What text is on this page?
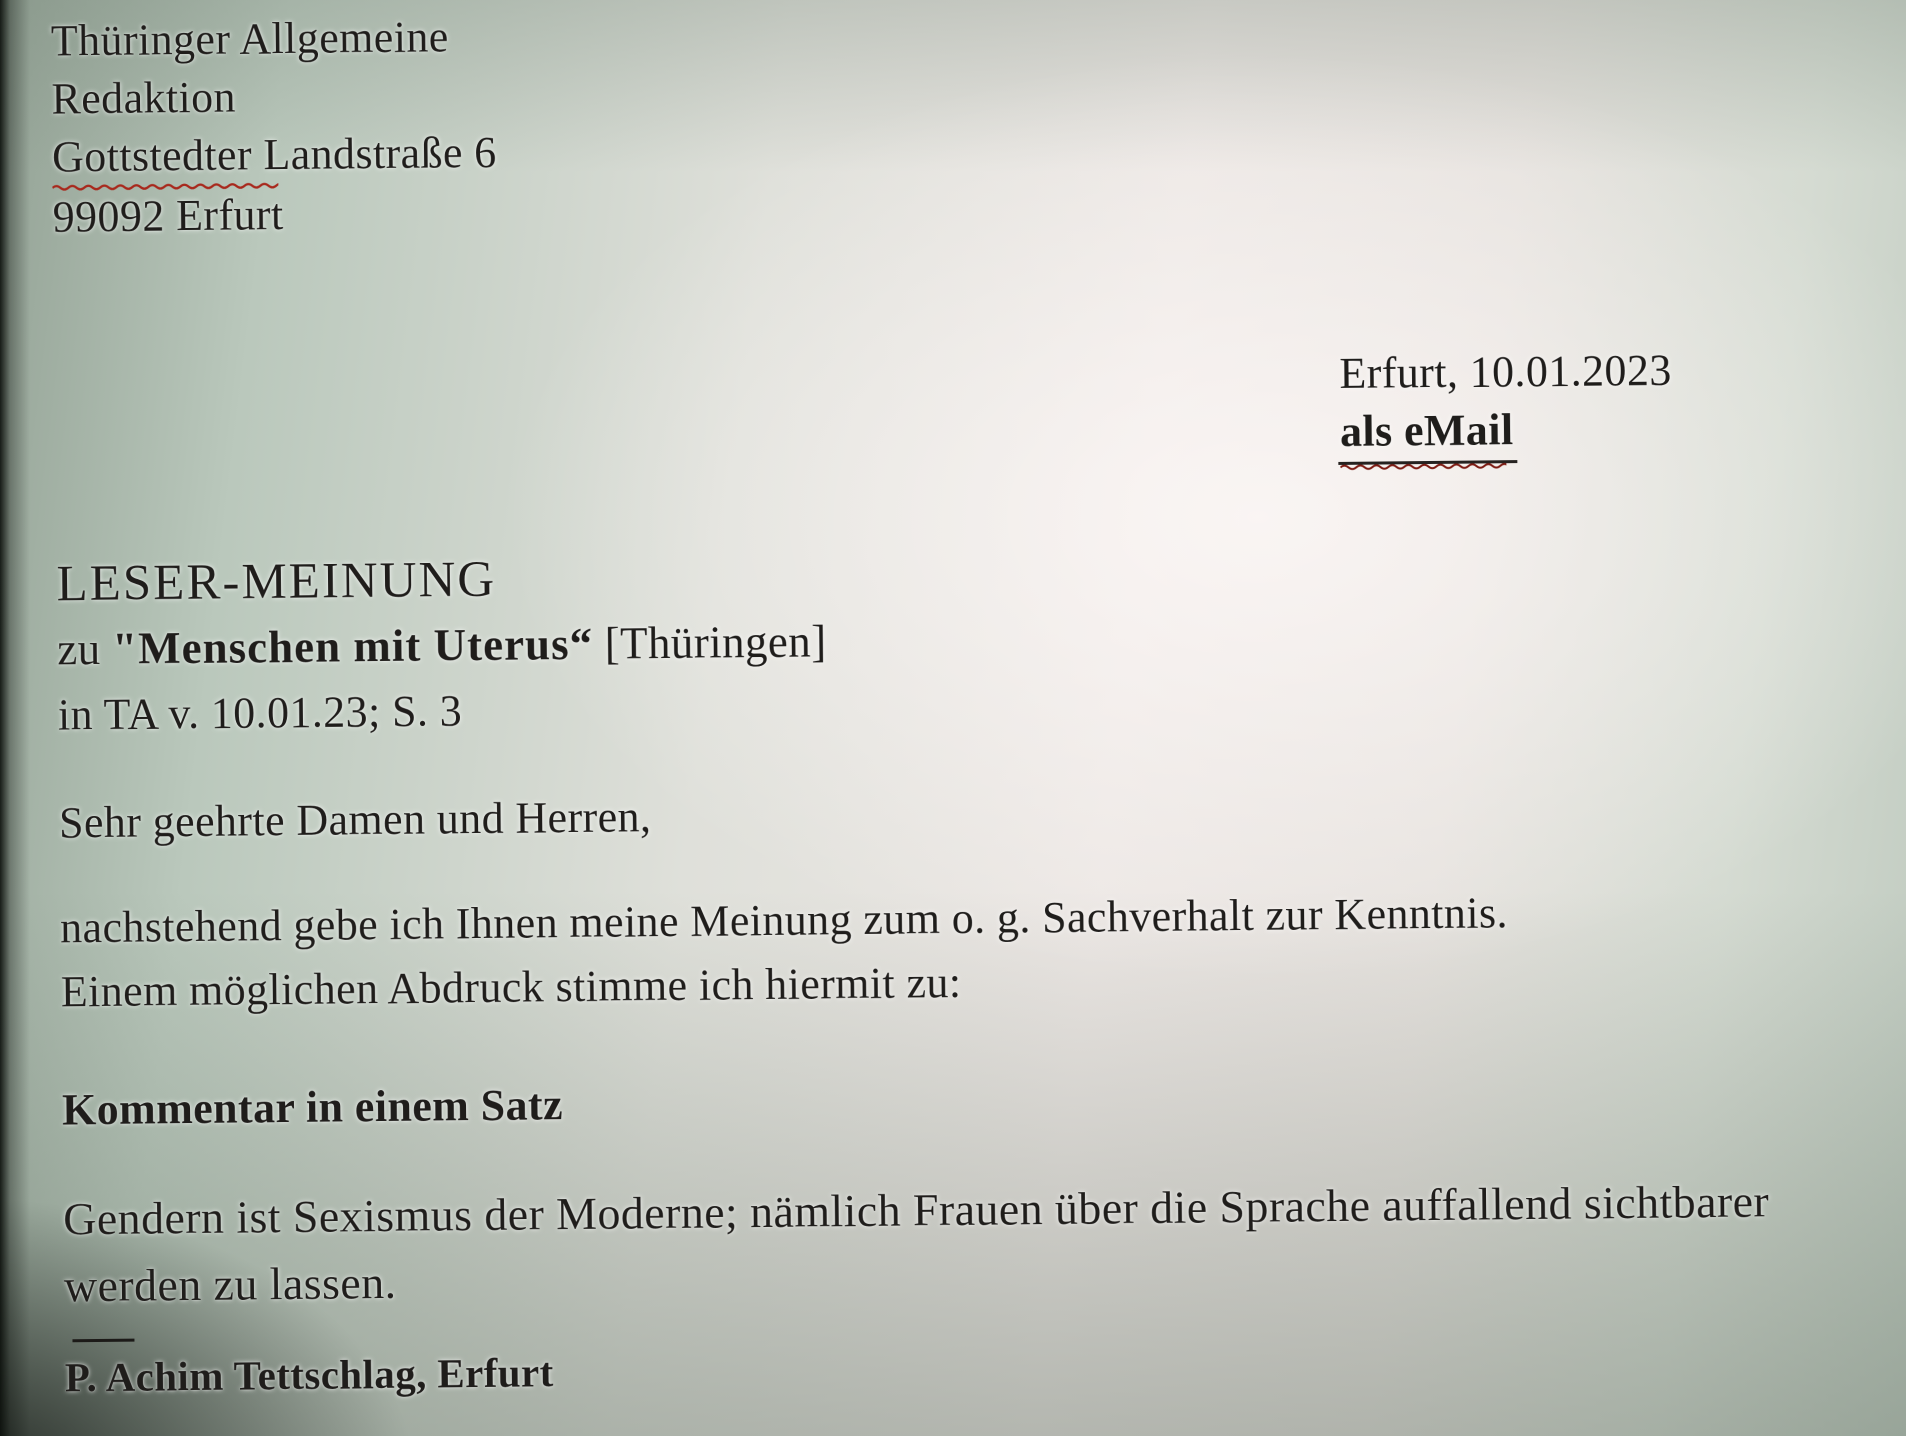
Thüringer Allgemeine
Redaktion
Gottstedter
Landstraße 6
99092 Erfurt
Erfurt, 10.01.2023
als eMail
LESER-MEINUNG
zu "Menschen mit Uterus“ [Thüringen]
in TA v. 10.01.23; S. 3
Sehr geehrte Damen und Herren,
nachstehend gebe ich Ihnen meine Meinung zum o. g. Sachverhalt zur Kenntnis.
Einem möglichen Abdruck stimme ich hiermit zu:
Kommentar in einem Satz
Gendern ist Sexismus der Moderne; nämlich Frauen über die Sprache auffallend sichtbarer
werden zu lassen.
P. Achim Tettschlag, Erfurt
